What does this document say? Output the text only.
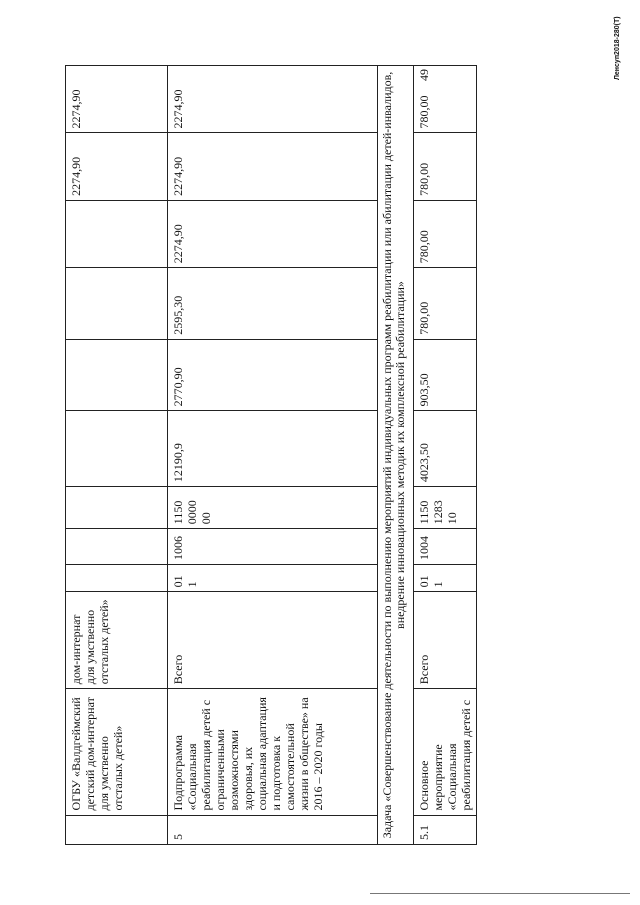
	ОГБУ «Валдгеймский детский дом-интернат для умственно отсталых детей»	дом-интернат для умственно отсталых детей»								2274,90	2274,90
5	Подпрограмма «Социальная реабилитация детей с ограниченными возможностями здоровья, их социальная адаптация и подготовка к самостоятельной жизни в обществе» на 2016 – 2020 годы	Всего	01 1	1006	1150 0000 00	12190,9	2770,90	2595,30	2274,90	2274,90	2274,90
Задача «Совершенствование деятельности по выполнению мероприятий индивидуальных программ реабилитации или абилитации детей-инвалидов, внедрение инновационных методик их комплексной реабилитации»											
5.1	Основное мероприятие «Социальная реабилитация детей с	Всего	01 1	1004	1150 1283 10	4023,50	903,50	780,00	780,00	780,00	780,00
49	Ленсуп2018-280(Т)
